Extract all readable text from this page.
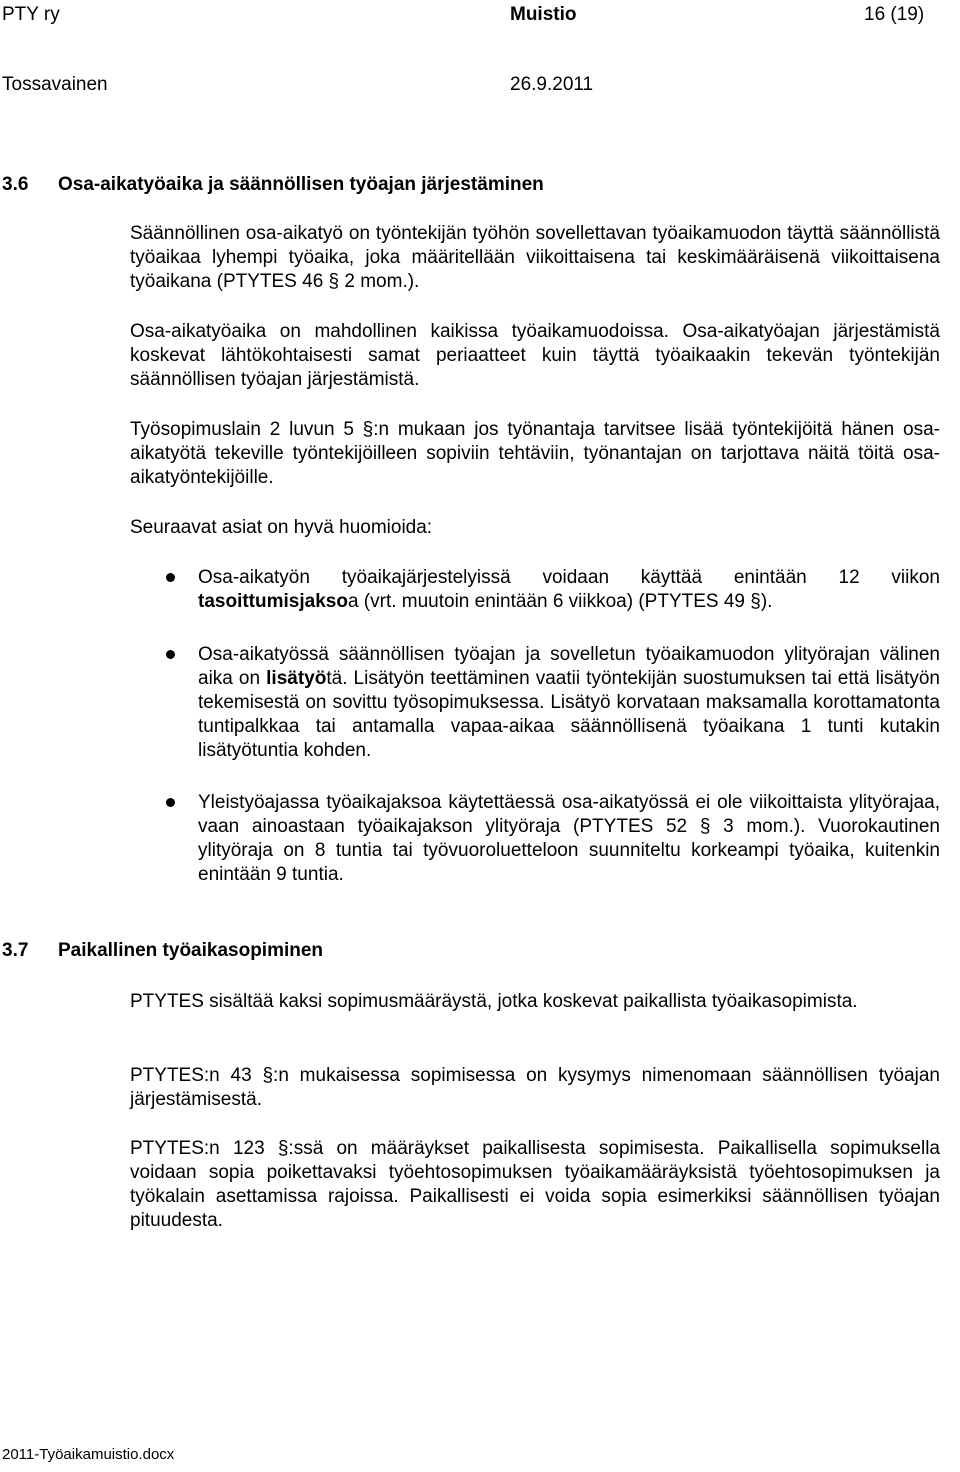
PTY ry	Muistio	16 (19)
Tossavainen	26.9.2011
3.6 Osa-aikatyöaika ja säännöllisen työajan järjestäminen
Säännöllinen osa-aikatyö on työntekijän työhön sovellettavan työaikamuodon täyttä säännöllistä työaikaa lyhempi työaika, joka määritellään viikoittaisena tai keskimääräisenä viikoittaisena työaikana (PTYTES 46 § 2 mom.).
Osa-aikatyöaika on mahdollinen kaikissa työaikamuodoissa. Osa-aikatyöajan järjestämistä koskevat lähtökohtaisesti samat periaatteet kuin täyttä työaikaakin tekevän työntekijän säännöllisen työajan järjestämistä.
Työsopimuslain 2 luvun 5 §:n mukaan jos työnantaja tarvitsee lisää työntekijöitä hänen osa-aikatyötä tekeville työntekijöilleen sopiviin tehtäviin, työnantajan on tarjottava näitä töitä osa-aikatyöntekijöille.
Seuraavat asiat on hyvä huomioida:
Osa-aikatyön työaikajärjestelyissä voidaan käyttää enintään 12 viikon tasoittumisjaksoa (vrt. muutoin enintään 6 viikkoa) (PTYTES 49 §).
Osa-aikatyössä säännöllisen työajan ja sovelletun työaikamuodon ylityörajan välinen aika on lisätyötä. Lisätyön teettäminen vaatii työntekijän suostumuksen tai että lisätyön tekemisestä on sovittu työsopimuksessa. Lisätyö korvataan maksamalla korottamatonta tuntipalkkaa tai antamalla vapaa-aikaa säännöllisenä työaikana 1 tunti kutakin lisätyötuntia kohden.
Yleistyöajassa työaikajaksoa käytettäessä osa-aikatyössä ei ole viikoittaista ylityörajaa, vaan ainoastaan työaikajakson ylityöraja (PTYTES 52 § 3 mom.). Vuorokautinen ylityöraja on 8 tuntia tai työvuoroluetteloon suunniteltu korkeampi työaika, kuitenkin enintään 9 tuntia.
3.7 Paikallinen työaikasopiminen
PTYTES sisältää kaksi sopimusmääräystä, jotka koskevat paikallista työaikasopimista.
PTYTES:n 43 §:n mukaisessa sopimisessa on kysymys nimenomaan säännöllisen työajan järjestämisestä.
PTYTES:n 123 §:ssä on määräykset paikallisesta sopimisesta. Paikallisella sopimuksella voidaan sopia poikettavaksi työehtosopimuksen työaikamääräyksistä työehtosopimuksen ja työkalain asettamissa rajoissa. Paikallisesti ei voida sopia esimerkiksi säännöllisen työajan pituudesta.
2011-Työaikamuistio.docx
